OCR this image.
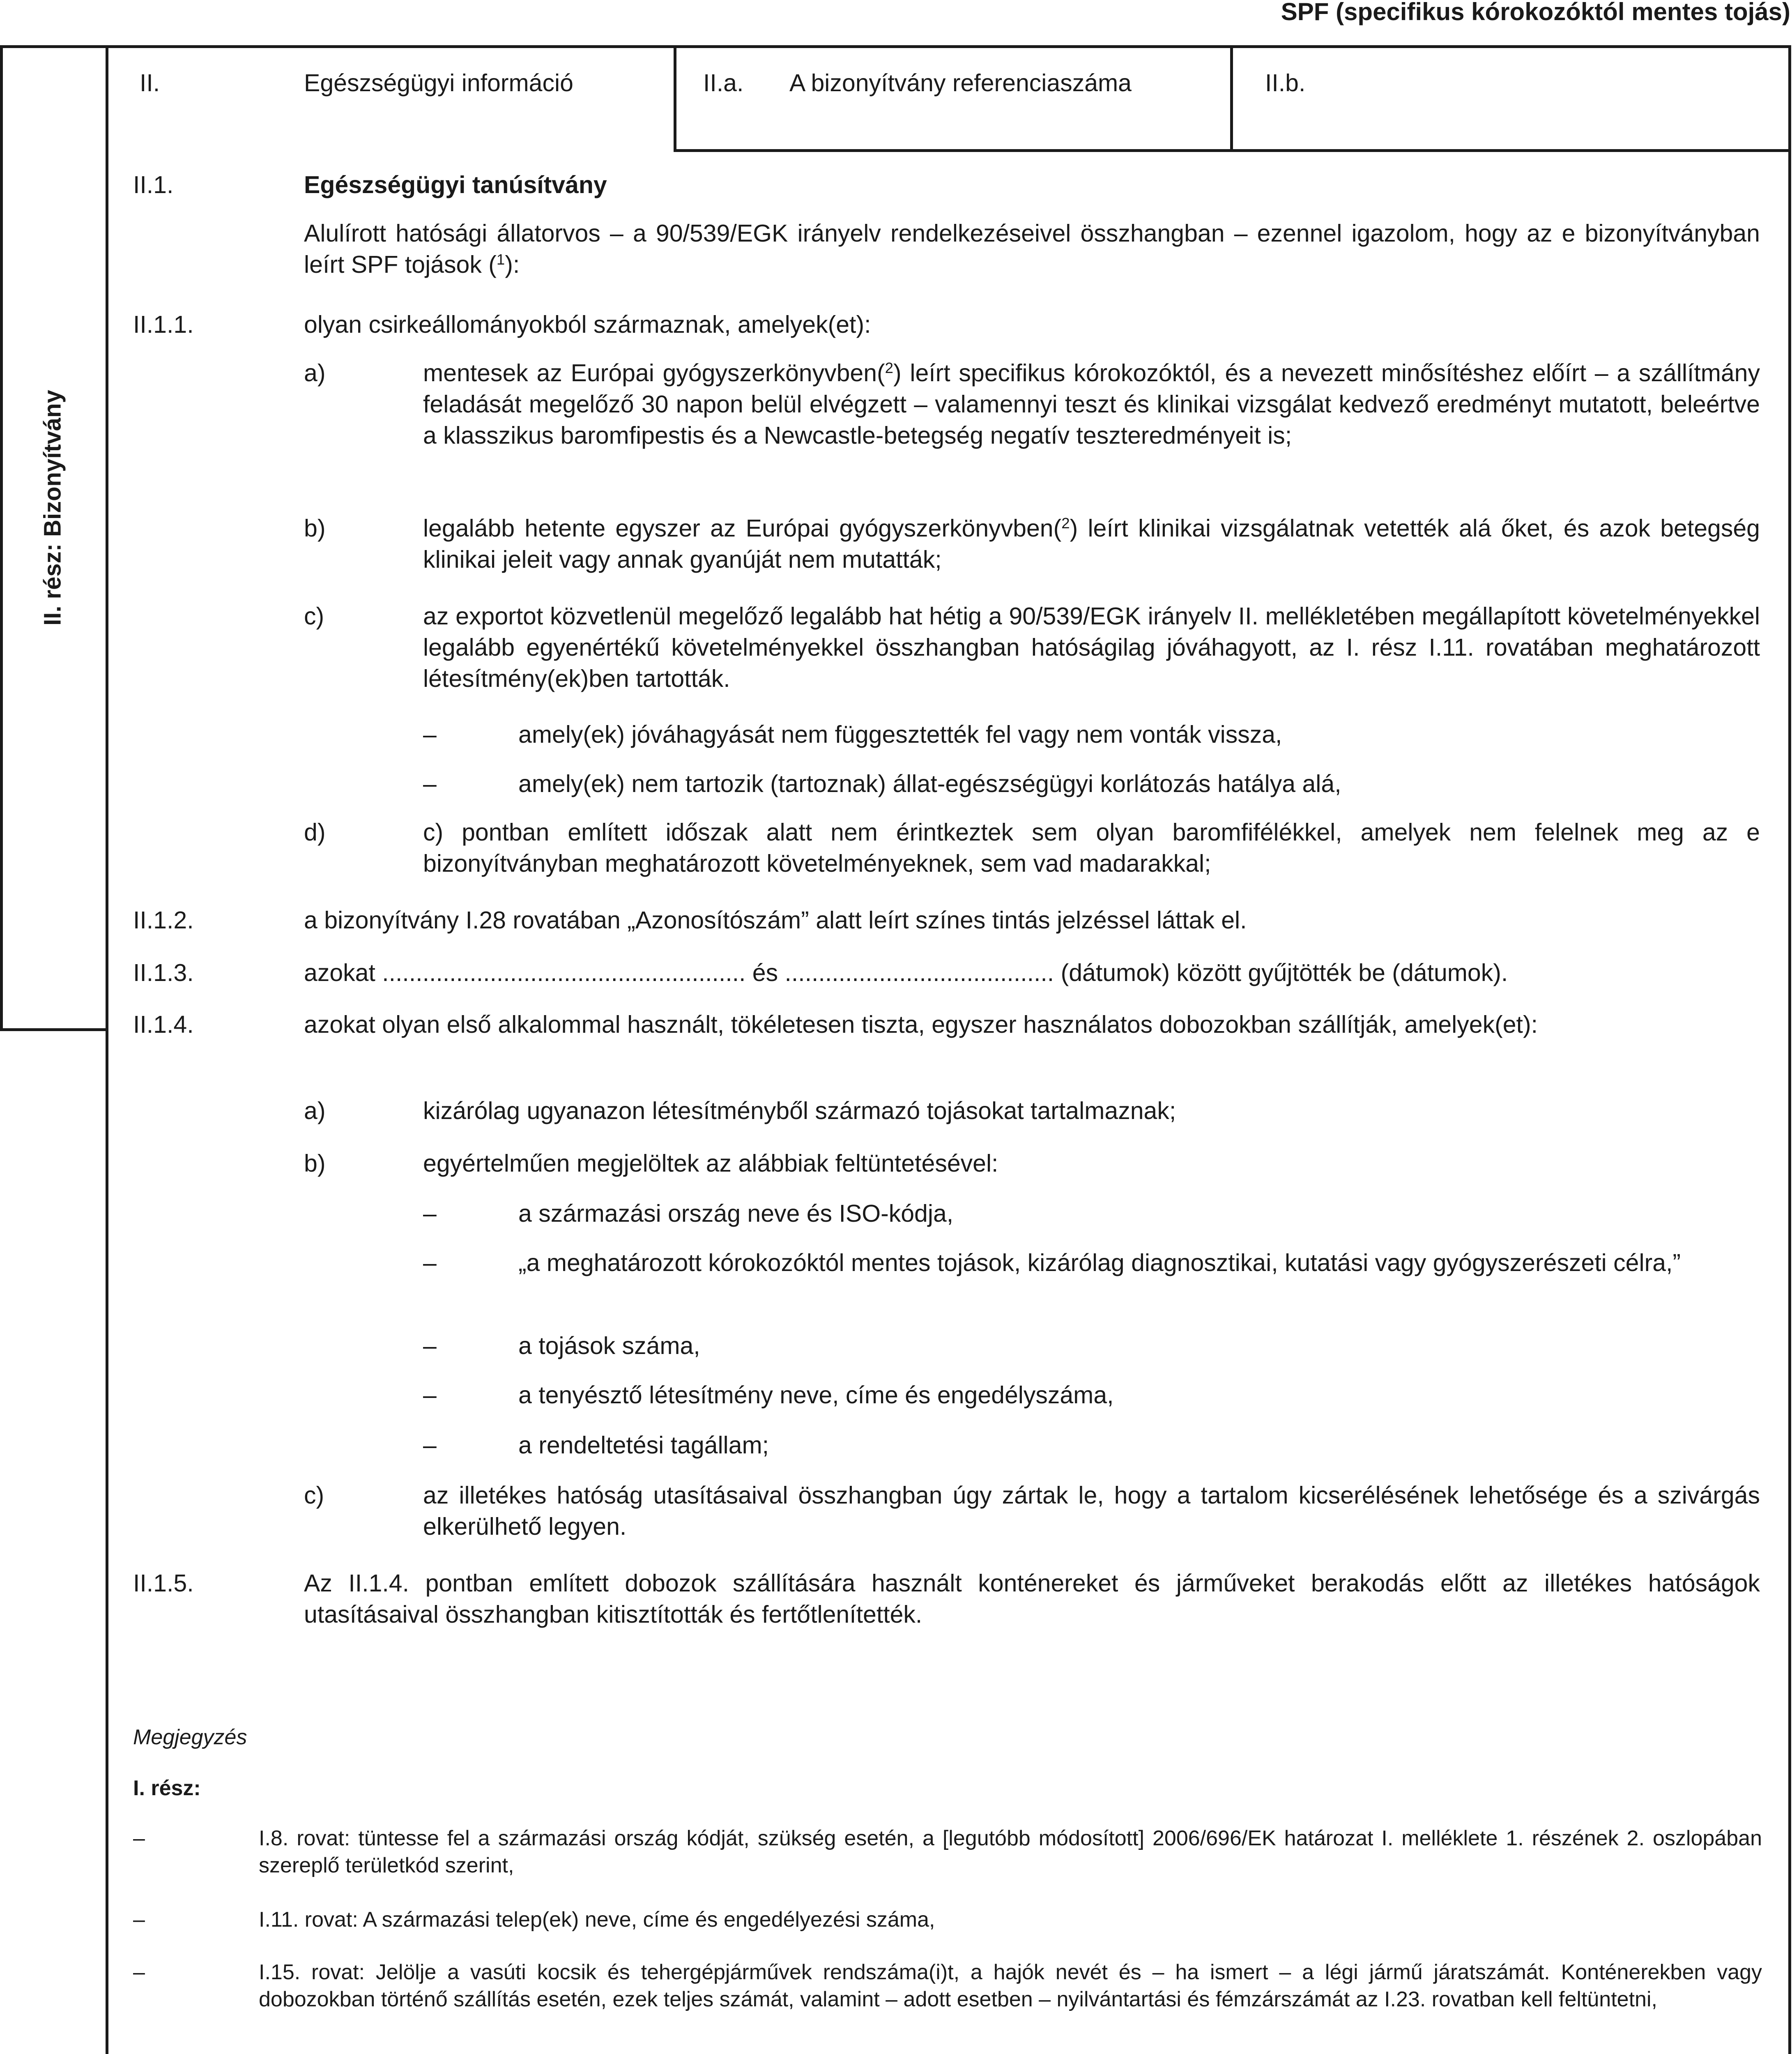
SPF (specifikus kórokozóktól mentes tojás)
II. rész: Bizonyítvány
II.	Egészségügyi információ	II.a. A bizonyítvány referenciaszáma	II.b.
II.1.	Egészségügyi tanúsítvány
Alulírott hatósági állatorvos – a 90/539/EGK irányelv rendelkezéseivel összhangban – ezennel igazolom, hogy az e bizonyítványban leírt SPF tojások ($^1$):
II.1.1.	olyan csirkeállományokból származnak, amelyek(et):
a)	mentesek az Európai gyógyszerkönyvben($^2$) leírt specifikus kórokozóktól, és a nevezett minősítéshez előírt – a szállítmány feladását megelőző 30 napon belül elvégzett – valamennyi teszt és klinikai vizsgálat kedvező eredményt mutatott, beleértve a klasszikus baromfipestis és a Newcastle-betegség negatív teszteredményeit is;
b)	legalább hetente egyszer az Európai gyógyszerkönyvben($^2$) leírt klinikai vizsgálatnak vetették alá őket, és azok betegség klinikai jeleit vagy annak gyanúját nem mutatták;
c)	az exportot közvetlenül megelőző legalább hat hétig a 90/539/EGK irányelv II. mellékletében megállapított követelményekkel legalább egyenértékű követelményekkel összhangban hatóságilag jóváhagyott, az I. rész I.11. rovatában meghatározott létesítmény(ek)ben tartották.
–	amely(ek) jóváhagyását nem függesztették fel vagy nem vonták vissza,
–	amely(ek) nem tartozik (tartoznak) állat-egészségügyi korlátozás hatálya alá,
d)	c) pontban említett időszak alatt nem érintkeztek sem olyan baromfifélékkel, amelyek nem felelnek meg az e bizonyítványban meghatározott követelményeknek, sem vad madarakkal;
II.1.2.	a bizonyítvány I.28 rovatában „Azonosítószám” alatt leírt színes tintás jelzéssel láttak el.
II.1.3.	azokat ...................................................... és ........................................ (dátumok) között gyűjtötték be (dátumok).
II.1.4.	azokat olyan első alkalommal használt, tökéletesen tiszta, egyszer használatos dobozokban szállítják, amelyek(et):
a)	kizárólag ugyanazon létesítményből származó tojásokat tartalmaznak;
b)	egyértelműen megjelöltek az alábbiak feltüntetésével:
–	a származási ország neve és ISO-kódja,
–	„a meghatározott kórokozóktól mentes tojások, kizárólag diagnosztikai, kutatási vagy gyógyszerészeti célra,”
–	a tojások száma,
–	a tenyésztő létesítmény neve, címe és engedélyszáma,
–	a rendeltetési tagállam;
c)	az illetékes hatóság utasításaival összhangban úgy zártak le, hogy a tartalom kicserélésének lehetősége és a szivárgás elkerülhető legyen.
II.1.5.	Az II.1.4. pontban említett dobozok szállítására használt konténereket és járműveket berakodás előtt az illetékes hatóságok utasításaival összhangban kitisztították és fertőtlenítették.
Megjegyzés
I. rész:
–	I.8. rovat: tüntesse fel a származási ország kódját, szükség esetén, a [legutóbb módosított] 2006/696/EK határozat I. melléklete 1. részének 2. oszlopában szereplő területkód szerint,
–	I.11. rovat: A származási telep(ek) neve, címe és engedélyezési száma,
–	I.15. rovat: Jelölje a vasúti kocsik és tehergépjárművek rendszáma(i)t, a hajók nevét és – ha ismert – a légi jármű járatszámát. Konténerekben vagy dobozokban történő szállítás esetén, ezek teljes számát, valamint – adott esetben – nyilvántartási és fémzárszámát az I.23. rovatban kell feltüntetni,
